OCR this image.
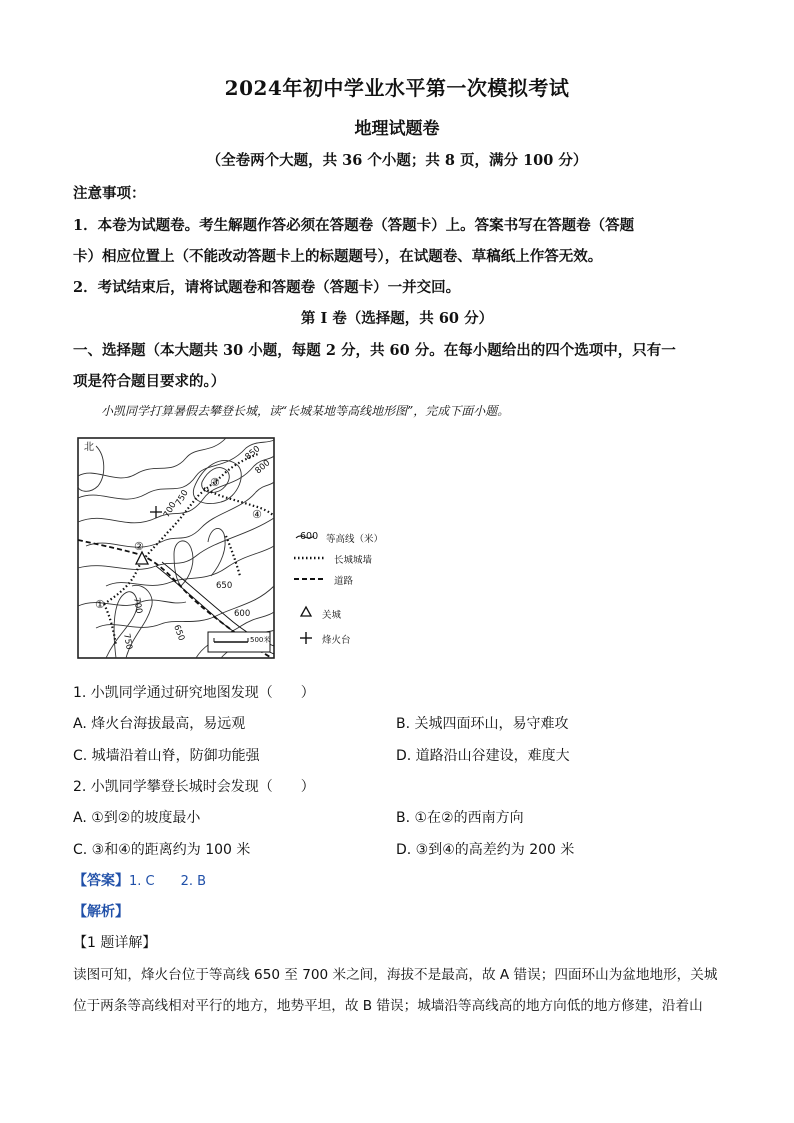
2024年初中学业水平第一次模拟考试
地理试题卷
（全卷两个大题，共 36 个小题；共 8 页，满分 100 分）
注意事项：
1．本卷为试题卷。考生解题作答必须在答题卷（答题卡）上。答案书写在答题卷（答题
卡）相应位置上（不能改动答题卡上的标题题号），在试题卷、草稿纸上作答无效。
2．考试结束后，请将试题卷和答题卷（答题卡）一并交回。
第 I 卷（选择题，共 60 分）
一、选择题（本大题共 30 小题，每题 2 分，共 60 分。在每小题给出的四个选项中，只有一
项是符合题目要求的。）
小凯同学打算暑假去攀登长城，读“长城某地等高线地形图”，完成下面小题。
北	850
800
750
700
650
600
650
700
750
①
②
③
④
500米
600 等高线（米）
长城城墙
道路
关城
烽火台
1. 小凯同学通过研究地图发现（　　）
A. 烽火台海拔最高，易远观	B. 关城四面环山，易守难攻
C. 城墙沿着山脊，防御功能强	D. 道路沿山谷建设，难度大
2. 小凯同学攀登长城时会发现（　　）
A. ①到②的坡度最小	B. ①在②的西南方向
C. ③和④的距离约为 100 米	D. ③到④的高差约为 200 米
【答案】1. C　　2. B
【解析】
【1 题详解】
读图可知，烽火台位于等高线 650 至 700 米之间，海拔不是最高，故 A 错误；四面环山为盆地地形，关城
位于两条等高线相对平行的地方，地势平坦，故 B 错误；城墙沿等高线高的地方向低的地方修建，沿着山
